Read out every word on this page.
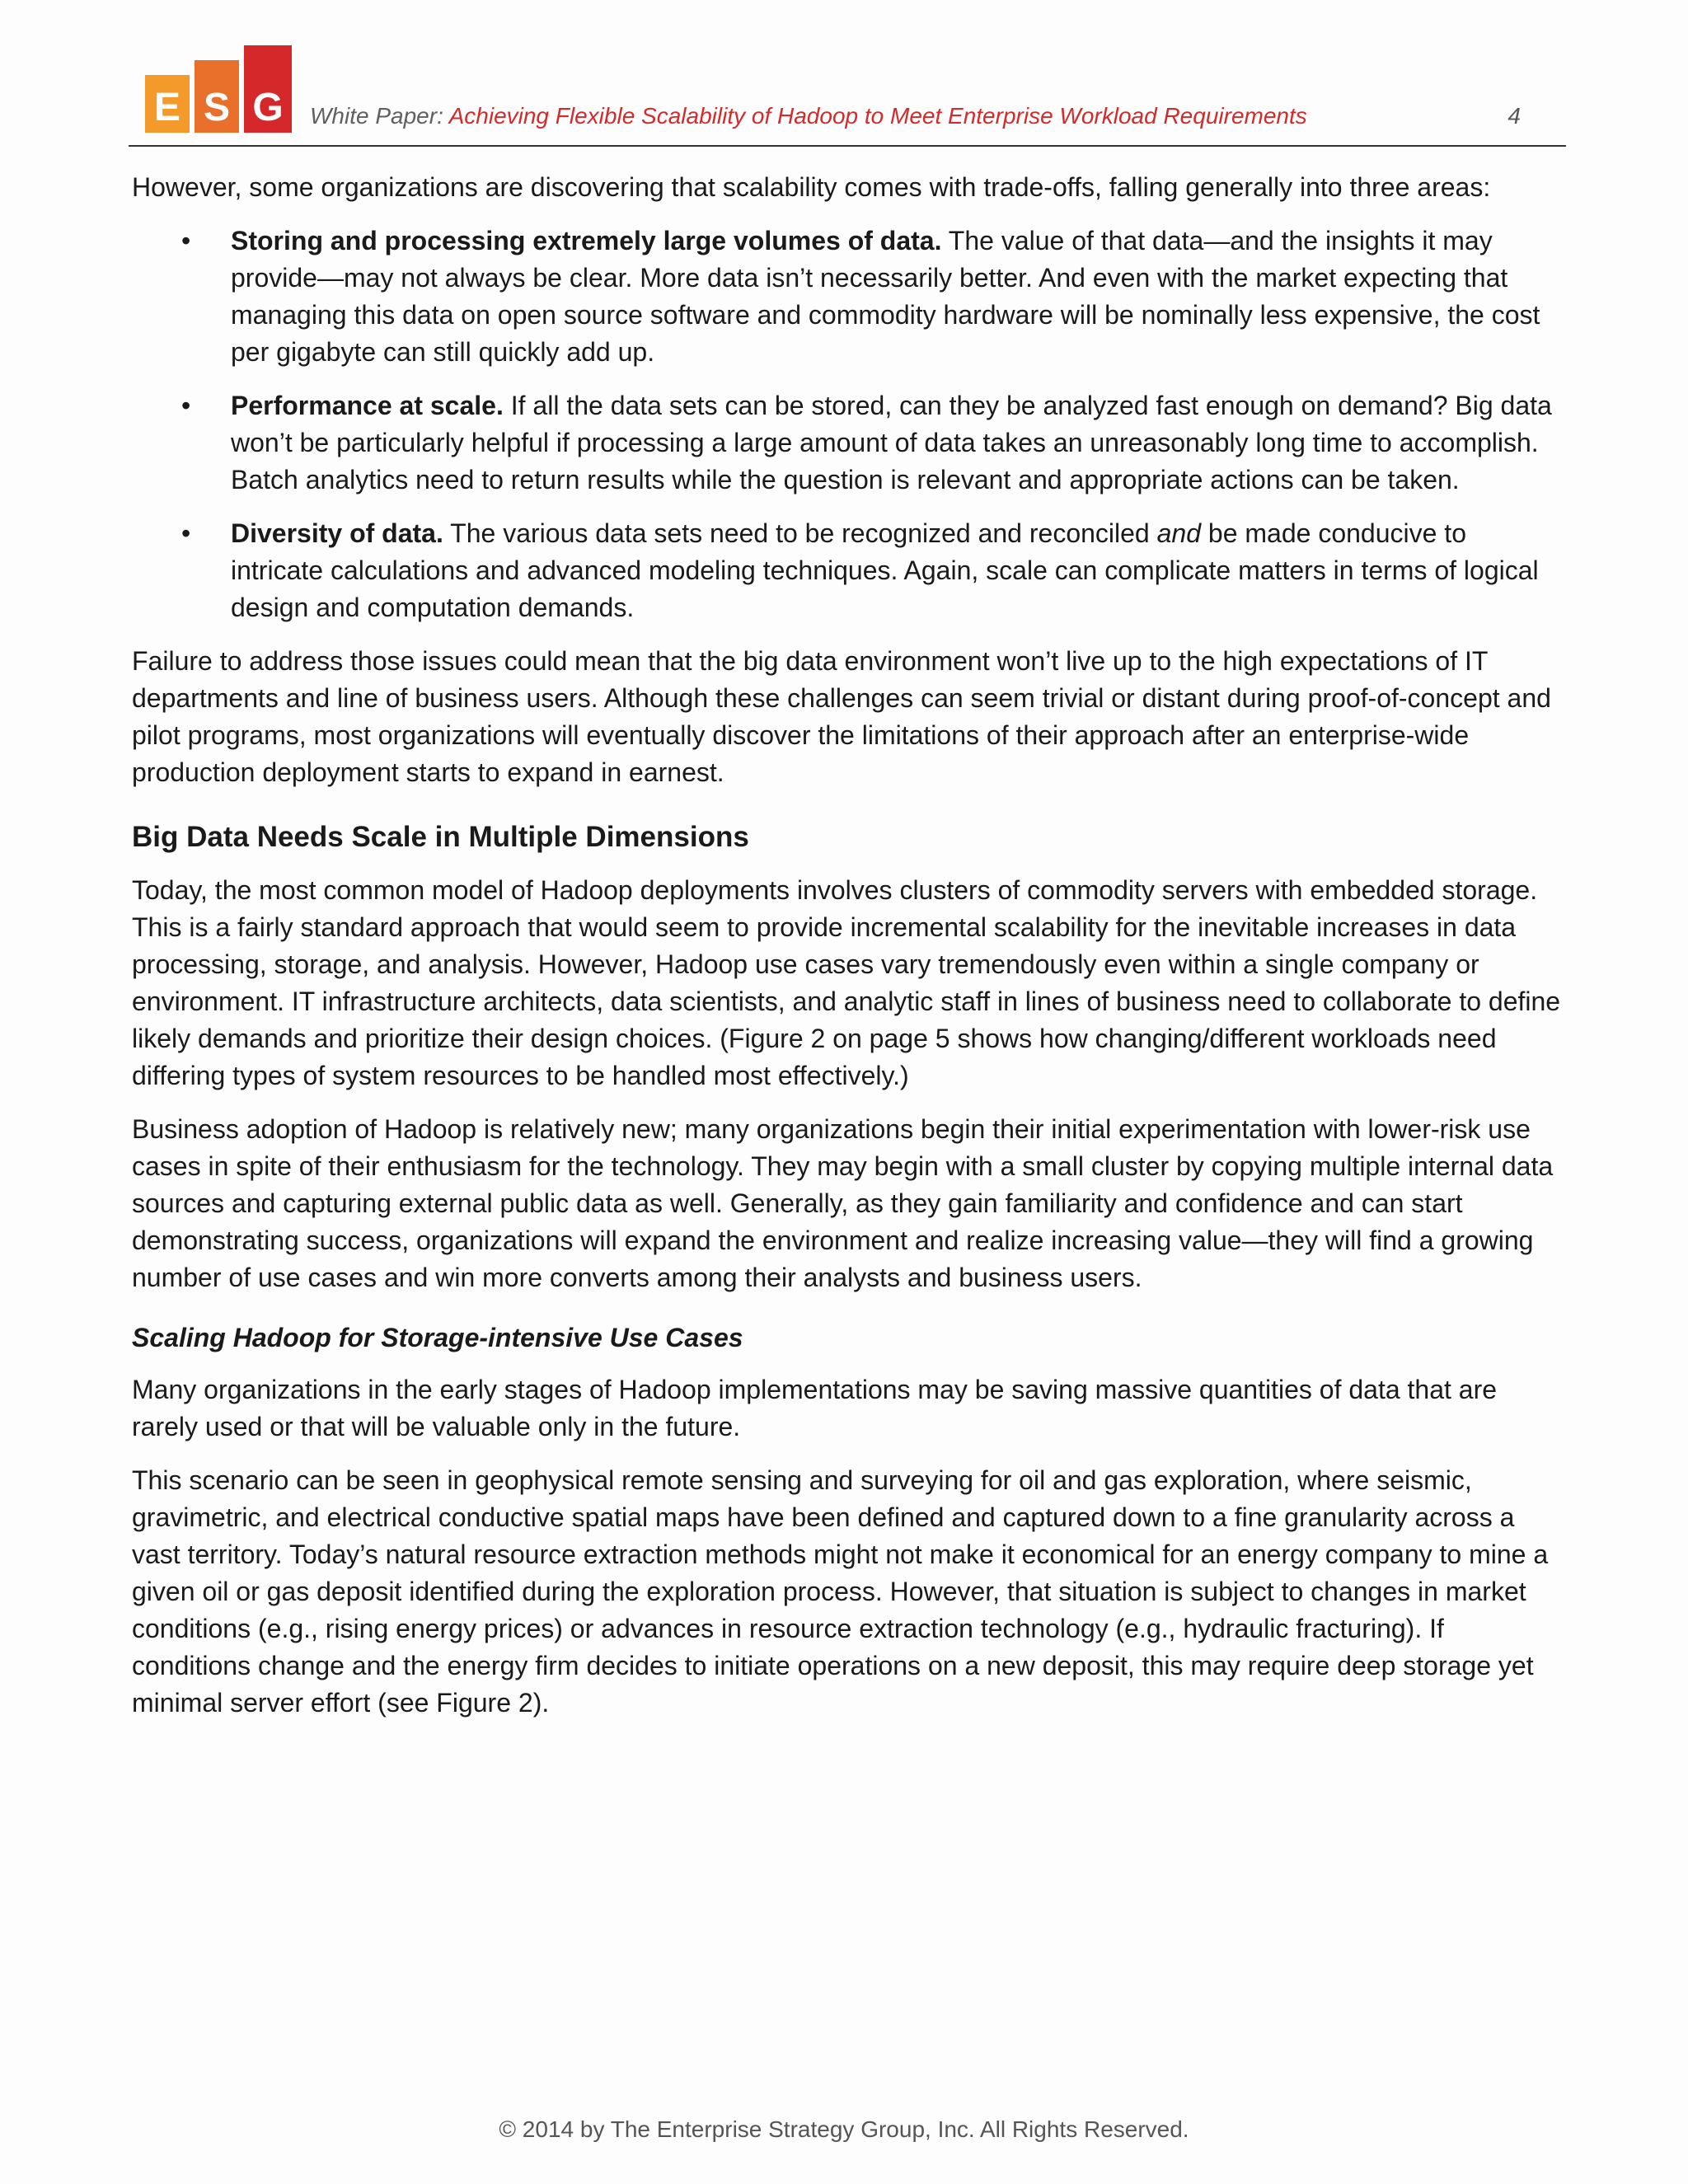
E S G White Paper: Achieving Flexible Scalability of Hadoop to Meet Enterprise Workload Requirements	4

However, some organizations are discovering that scalability comes with trade-offs, falling generally into three areas:

• Storing and processing extremely large volumes of data. The value of that data—and the insights it may provide—may not always be clear. More data isn’t necessarily better. And even with the market expecting that managing this data on open source software and commodity hardware will be nominally less expensive, the cost per gigabyte can still quickly add up.
• Performance at scale. If all the data sets can be stored, can they be analyzed fast enough on demand? Big data won’t be particularly helpful if processing a large amount of data takes an unreasonably long time to accomplish. Batch analytics need to return results while the question is relevant and appropriate actions can be taken.
• Diversity of data. The various data sets need to be recognized and reconciled and be made conducive to intricate calculations and advanced modeling techniques. Again, scale can complicate matters in terms of logical design and computation demands.

Failure to address those issues could mean that the big data environment won’t live up to the high expectations of IT departments and line of business users. Although these challenges can seem trivial or distant during proof-of-concept and pilot programs, most organizations will eventually discover the limitations of their approach after an enterprise-wide production deployment starts to expand in earnest.

Big Data Needs Scale in Multiple Dimensions

Today, the most common model of Hadoop deployments involves clusters of commodity servers with embedded storage. This is a fairly standard approach that would seem to provide incremental scalability for the inevitable increases in data processing, storage, and analysis. However, Hadoop use cases vary tremendously even within a single company or environment. IT infrastructure architects, data scientists, and analytic staff in lines of business need to collaborate to define likely demands and prioritize their design choices. (Figure 2 on page 5 shows how changing/different workloads need differing types of system resources to be handled most effectively.)

Business adoption of Hadoop is relatively new; many organizations begin their initial experimentation with lower-risk use cases in spite of their enthusiasm for the technology. They may begin with a small cluster by copying multiple internal data sources and capturing external public data as well. Generally, as they gain familiarity and confidence and can start demonstrating success, organizations will expand the environment and realize increasing value—they will find a growing number of use cases and win more converts among their analysts and business users.

Scaling Hadoop for Storage-intensive Use Cases

Many organizations in the early stages of Hadoop implementations may be saving massive quantities of data that are rarely used or that will be valuable only in the future.

This scenario can be seen in geophysical remote sensing and surveying for oil and gas exploration, where seismic, gravimetric, and electrical conductive spatial maps have been defined and captured down to a fine granularity across a vast territory. Today’s natural resource extraction methods might not make it economical for an energy company to mine a given oil or gas deposit identified during the exploration process. However, that situation is subject to changes in market conditions (e.g., rising energy prices) or advances in resource extraction technology (e.g., hydraulic fracturing). If conditions change and the energy firm decides to initiate operations on a new deposit, this may require deep storage yet minimal server effort (see Figure 2).

© 2014 by The Enterprise Strategy Group, Inc. All Rights Reserved.
